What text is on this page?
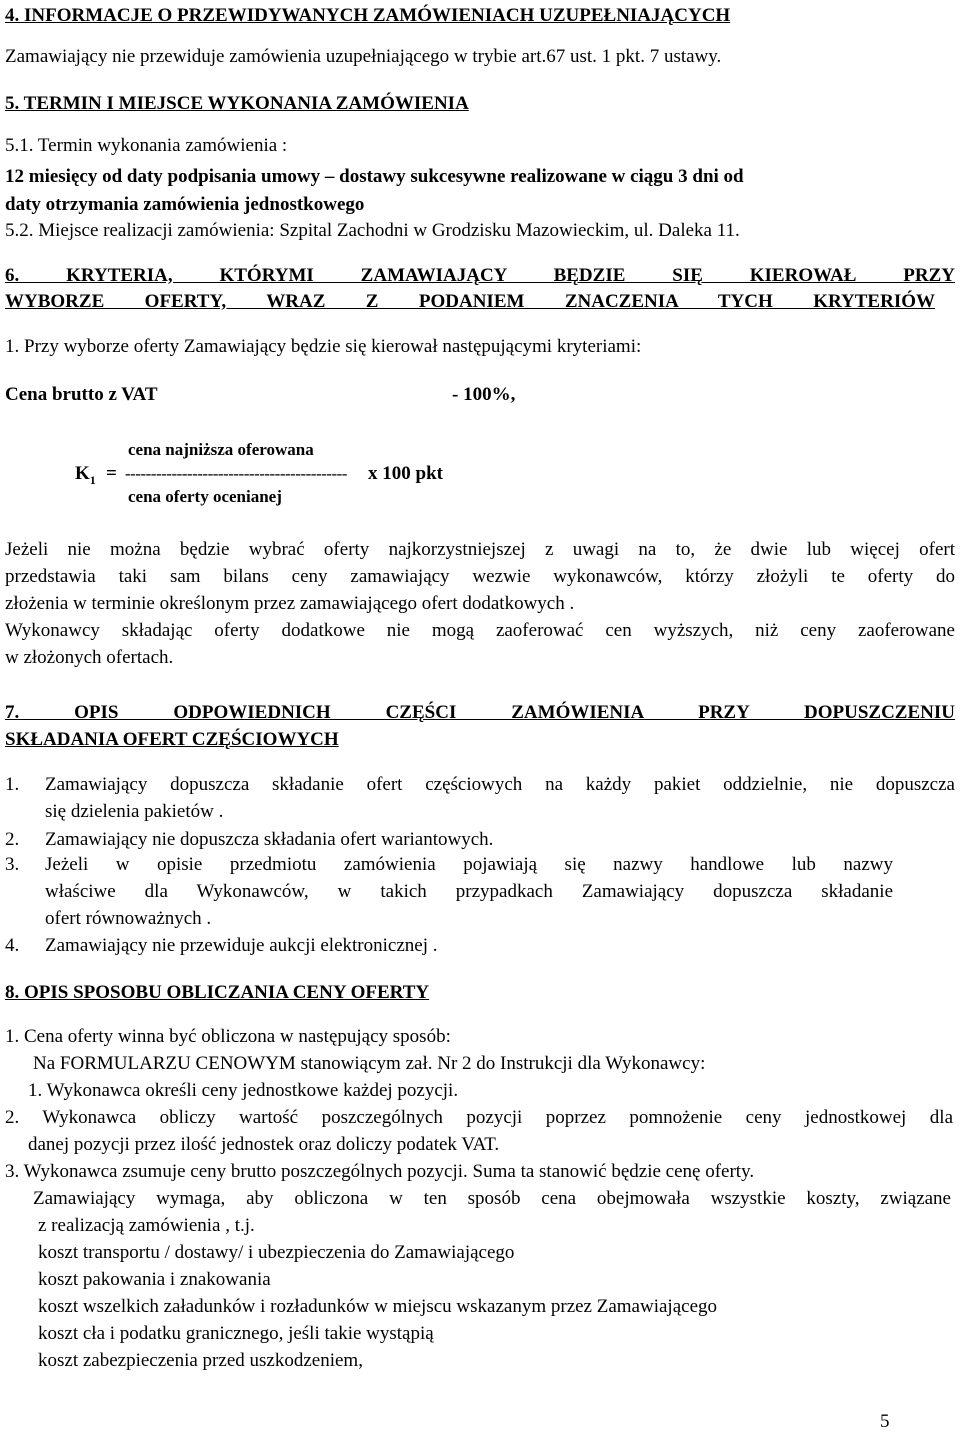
4. INFORMACJE O PRZEWIDYWANYCH ZAMÓWIENIACH UZUPEŁNIAJĄCYCH
Zamawiający nie przewiduje zamówienia uzupełniającego w trybie art.67 ust. 1 pkt. 7 ustawy.
5. TERMIN I MIEJSCE WYKONANIA ZAMÓWIENIA
5.1. Termin wykonania zamówienia :
12 miesięcy od daty podpisania umowy – dostawy sukcesywne realizowane w ciągu 3 dni od
daty otrzymania zamówienia jednostkowego
5.2. Miejsce realizacji zamówienia: Szpital Zachodni w Grodzisku Mazowieckim, ul. Daleka 11.
6. KRYTERIA, KTÓRYMI ZAMAWIAJĄCY BĘDZIE SIĘ KIEROWAŁ PRZY
WYBORZE OFERTY, WRAZ Z PODANIEM ZNACZENIA TYCH KRYTERIÓW
1. Przy wyborze oferty Zamawiający będzie się kierował następującymi kryteriami:
Cena brutto z VAT	- 100%,
cena najniższa oferowana
$K_1$ = ------------------------------------------- x 100 pkt
cena oferty ocenianej
Jeżeli nie można będzie wybrać oferty najkorzystniejszej z uwagi na to, że dwie lub więcej ofert
przedstawia taki sam bilans ceny zamawiający wezwie wykonawców, którzy złożyli te oferty do
złożenia w terminie określonym przez zamawiającego ofert dodatkowych .
Wykonawcy składając oferty dodatkowe nie mogą zaoferować cen wyższych, niż ceny zaoferowane
w złożonych ofertach.
7. OPIS ODPOWIEDNICH CZĘŚCI ZAMÓWIENIA PRZY DOPUSZCZENIU
SKŁADANIA OFERT CZĘŚCIOWYCH
1. Zamawiający dopuszcza składanie ofert częściowych na każdy pakiet oddzielnie, nie dopuszcza
się dzielenia pakietów .
2. Zamawiający nie dopuszcza składania ofert wariantowych.
3. Jeżeli w opisie przedmiotu zamówienia pojawiają się nazwy handlowe lub nazwy
właściwe dla Wykonawców, w takich przypadkach Zamawiający dopuszcza składanie
ofert równoważnych .
4. Zamawiający nie przewiduje aukcji elektronicznej .
8. OPIS SPOSOBU OBLICZANIA CENY OFERTY
1. Cena oferty winna być obliczona w następujący sposób:
Na FORMULARZU CENOWYM stanowiącym zał. Nr 2 do Instrukcji dla Wykonawcy:
1. Wykonawca określi ceny jednostkowe każdej pozycji.
2. Wykonawca obliczy wartość poszczególnych pozycji poprzez pomnożenie ceny jednostkowej dla
danej pozycji przez ilość jednostek oraz doliczy podatek VAT.
3. Wykonawca zsumuje ceny brutto poszczególnych pozycji. Suma ta stanowić będzie cenę oferty.
Zamawiający wymaga, aby obliczona w ten sposób cena obejmowała wszystkie koszty, związane
z realizacją zamówienia , t.j.
koszt transportu / dostawy/ i ubezpieczenia do Zamawiającego
koszt pakowania i znakowania
koszt wszelkich załadunków i rozładunków w miejscu wskazanym przez Zamawiającego
koszt cła i podatku granicznego, jeśli takie wystąpią
koszt zabezpieczenia przed uszkodzeniem,
5
